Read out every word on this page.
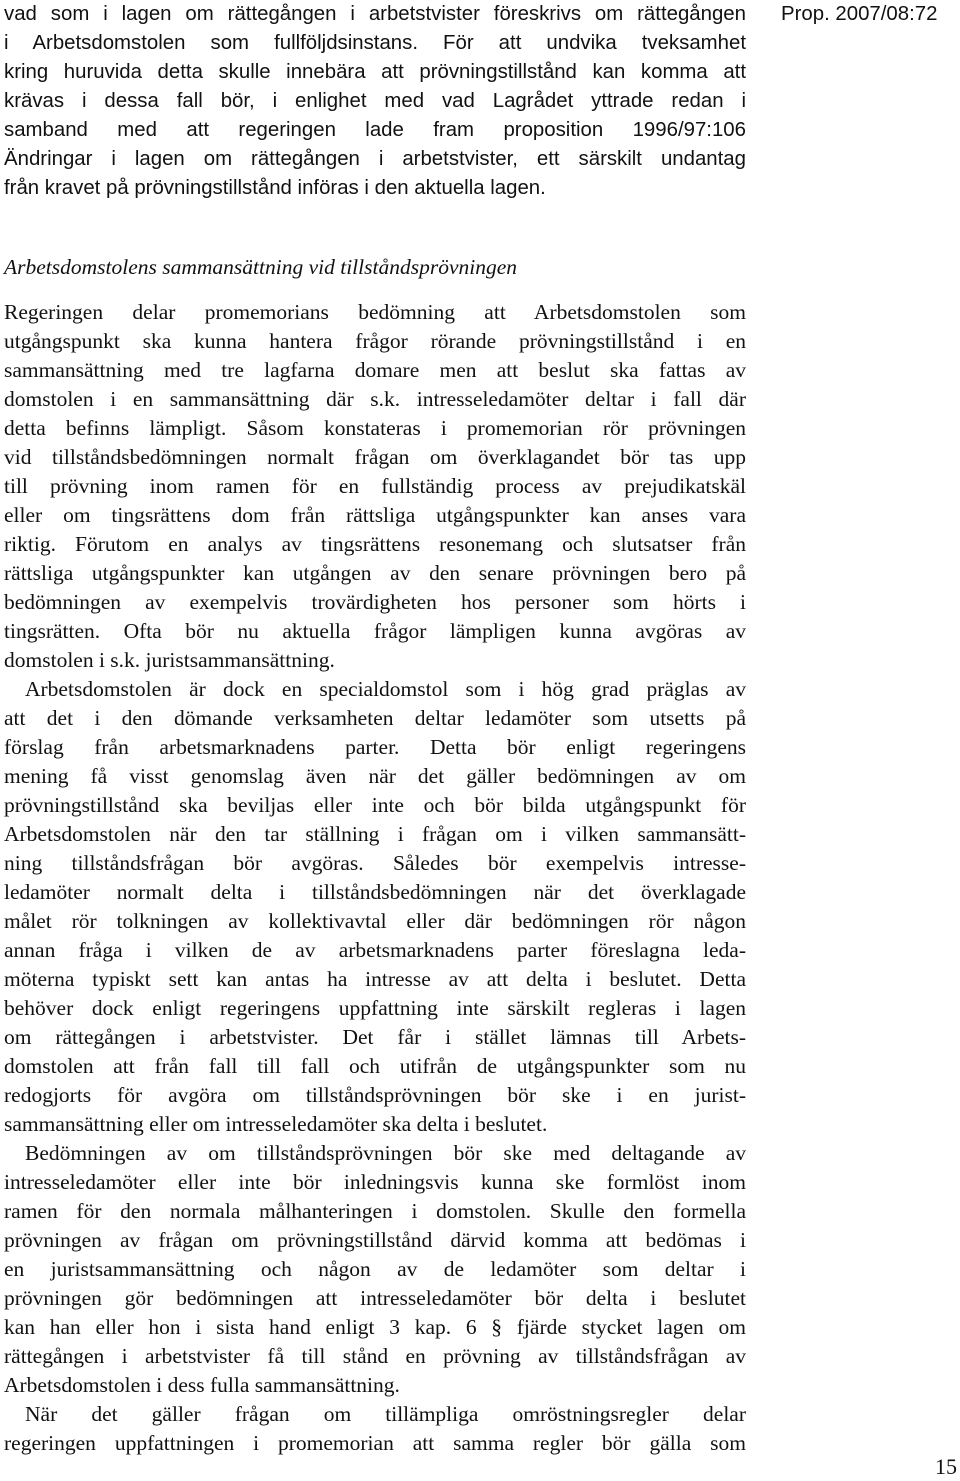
vad som i lagen om rättegången i arbetstvister föreskrivs om rättegången
i Arbetsdomstolen som fullföljdsinstans. För att undvika tveksamhet
kring huruvida detta skulle innebära att prövningstillstånd kan komma att
krävas i dessa fall bör, i enlighet med vad Lagrådet yttrade redan i
samband med att regeringen lade fram proposition 1996/97:106
Ändringar i lagen om rättegången i arbetstvister, ett särskilt undantag
från kravet på prövningstillstånd införas i den aktuella lagen.
Prop. 2007/08:72
Arbetsdomstolens sammansättning vid tillståndsprövningen
Regeringen delar promemorians bedömning att Arbetsdomstolen som
utgångspunkt ska kunna hantera frågor rörande prövningstillstånd i en
sammansättning med tre lagfarna domare men att beslut ska fattas av
domstolen i en sammansättning där s.k. intresseledamöter deltar i fall där
detta befinns lämpligt. Såsom konstateras i promemorian rör prövningen
vid tillståndsbedömningen normalt frågan om överklagandet bör tas upp
till prövning inom ramen för en fullständig process av prejudikatskäl
eller om tingsrättens dom från rättsliga utgångspunkter kan anses vara
riktig. Förutom en analys av tingsrättens resonemang och slutsatser från
rättsliga utgångspunkter kan utgången av den senare prövningen bero på
bedömningen av exempelvis trovärdigheten hos personer som hörts i
tingsrätten. Ofta bör nu aktuella frågor lämpligen kunna avgöras av
domstolen i s.k. juristsammansättning.
Arbetsdomstolen är dock en specialdomstol som i hög grad präglas av
att det i den dömande verksamheten deltar ledamöter som utsetts på
förslag från arbetsmarknadens parter. Detta bör enligt regeringens
mening få visst genomslag även när det gäller bedömningen av om
prövningstillstånd ska beviljas eller inte och bör bilda utgångspunkt för
Arbetsdomstolen när den tar ställning i frågan om i vilken sammansätt-
ning tillståndsfrågan bör avgöras. Således bör exempelvis intresse-
ledamöter normalt delta i tillståndsbedömningen när det överklagade
målet rör tolkningen av kollektivavtal eller där bedömningen rör någon
annan fråga i vilken de av arbetsmarknadens parter föreslagna leda-
möterna typiskt sett kan antas ha intresse av att delta i beslutet. Detta
behöver dock enligt regeringens uppfattning inte särskilt regleras i lagen
om rättegången i arbetstvister. Det får i stället lämnas till Arbets-
domstolen att från fall till fall och utifrån de utgångspunkter som nu
redogjorts för avgöra om tillståndsprövningen bör ske i en jurist-
sammansättning eller om intresseledamöter ska delta i beslutet.
Bedömningen av om tillståndsprövningen bör ske med deltagande av
intresseledamöter eller inte bör inledningsvis kunna ske formlöst inom
ramen för den normala målhanteringen i domstolen. Skulle den formella
prövningen av frågan om prövningstillstånd därvid komma att bedömas i
en juristsammansättning och någon av de ledamöter som deltar i
prövningen gör bedömningen att intresseledamöter bör delta i beslutet
kan han eller hon i sista hand enligt 3 kap. 6 § fjärde stycket lagen om
rättegången i arbetstvister få till stånd en prövning av tillståndsfrågan av
Arbetsdomstolen i dess fulla sammansättning.
När det gäller frågan om tillämpliga omröstningsregler delar
regeringen uppfattningen i promemorian att samma regler bör gälla som
15
